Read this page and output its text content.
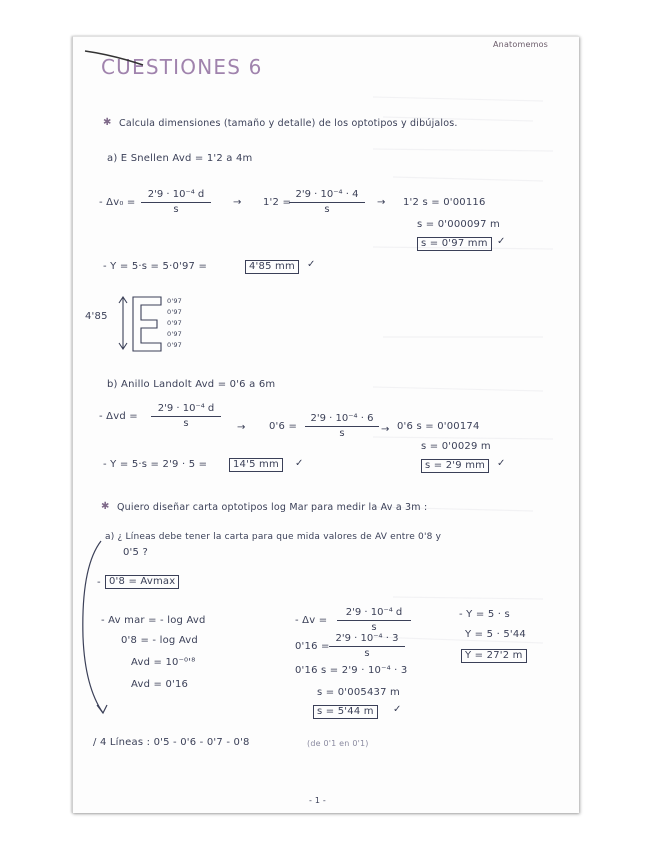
Anatomemos
CUESTIONES 6
✱ Calcula dimensiones (tamaño y detalle) de los optotipos y dibújalos.
a) E Snellen Avd = 1'2 a 4m
- Δv₀ =
2'9 · 10⁻⁴ d
s
→ 1'2 =
2'9 · 10⁻⁴ · 4
s
→ 1'2 s = 0'00116
s = 0'000097 m
s = 0'97 mm ✓
- Y = 5·s = 5·0'97 =	4'85 mm	✓
4'85
0'97
0'97
0'97
0'97
0'97
b) Anillo Landolt Avd = 0'6 a 6m
- Δvd =
2'9 · 10⁻⁴ d
s	→ 0'6 =
2'9 · 10⁻⁴ · 6
s	→ 0'6 s = 0'00174
s = 0'0029 m
- Y = 5·s = 2'9 · 5 =	14'5 mm	✓	s = 2'9 mm	✓
✱ Quiero diseñar carta optotipos log Mar para medir la Av a 3m :
a) ¿ Líneas debe tener la carta para que mida valores de AV entre 0'8 y
0'5 ?
- 0'8 = Avmax
- Av mar = - log Avd
0'8 = - log Avd
Avd = 10⁻⁰'⁸
Avd = 0'16
- Δv =
2'9 · 10⁻⁴ d
s
0'16 =
2'9 · 10⁻⁴ · 3
s
0'16 s = 2'9 · 10⁻⁴ · 3
s = 0'005437 m
s = 5'44 m	✓
- Y = 5 · s
Y = 5 · 5'44
Y = 27'2 m
/ 4 Líneas : 0'5 - 0'6 - 0'7 - 0'8	(de 0'1 en 0'1)
- 1 -
